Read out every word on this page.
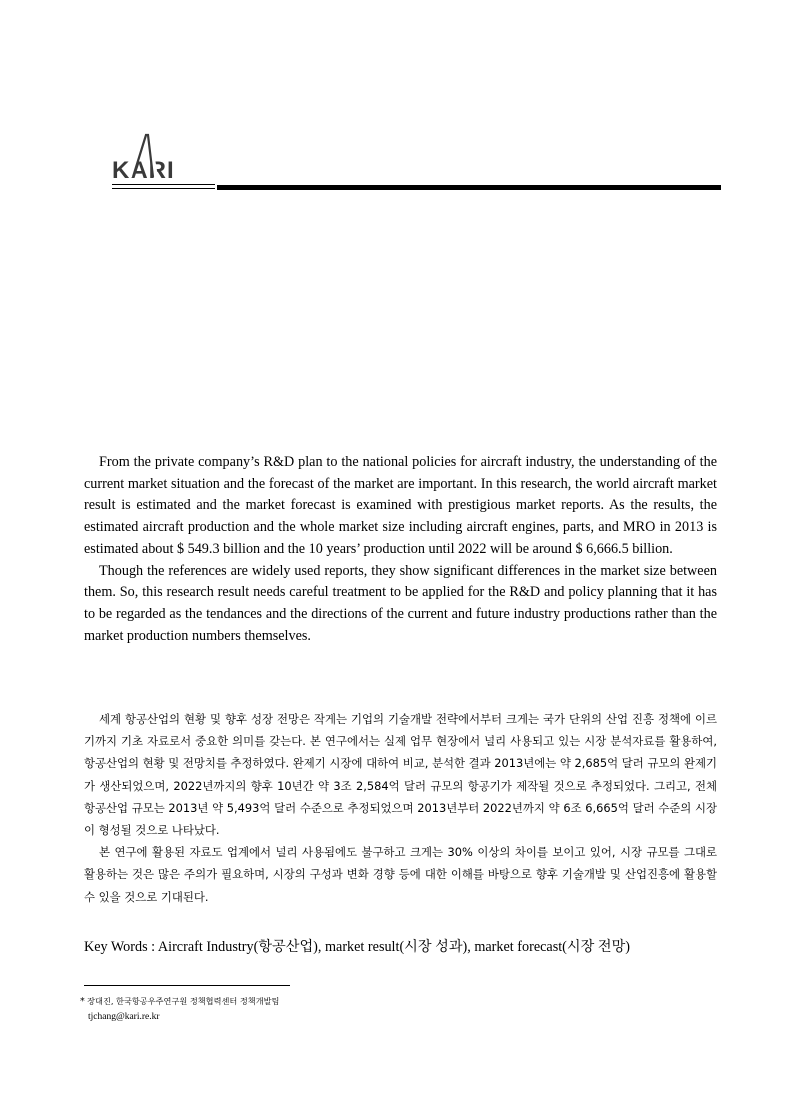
KARI

From the private company’s R&D plan to the national policies for aircraft industry, the understanding of the current market situation and the forecast of the market are important. In this research, the world aircraft market result is estimated and the market forecast is examined with prestigious market reports. As the results, the estimated aircraft production and the whole market size including aircraft engines, parts, and MRO in 2013 is estimated about $ 549.3 billion and the 10 years’ production until 2022 will be around $ 6,666.5 billion.

Though the references are widely used reports, they show significant differences in the market size between them. So, this research result needs careful treatment to be applied for the R&D and policy planning that it has to be regarded as the tendances and the directions of the current and future industry productions rather than the market production numbers themselves.

세계 항공산업의 현황 및 향후 성장 전망은 작게는 기업의 기술개발 전략에서부터 크게는 국가 단위의 산업 진흥 정책에 이르기까지 기초 자료로서 중요한 의미를 갖는다. 본 연구에서는 실제 업무 현장에서 널리 사용되고 있는 시장 분석자료를 활용하여, 항공산업의 현황 및 전망치를 추정하였다. 완제기 시장에 대하여 비교, 분석한 결과 2013년에는 약 2,685억 달러 규모의 완제기가 생산되었으며, 2022년까지의 향후 10년간 약 3조 2,584억 달러 규모의 항공기가 제작될 것으로 추정되었다. 그리고, 전체 항공산업 규모는 2013년 약 5,493억 달러 수준으로 추정되었으며 2013년부터 2022년까지 약 6조 6,665억 달러 수준의 시장이 형성될 것으로 나타났다.

본 연구에 활용된 자료도 업계에서 널리 사용됨에도 불구하고 크게는 30% 이상의 차이를 보이고 있어, 시장 규모를 그대로 활용하는 것은 많은 주의가 필요하며, 시장의 구성과 변화 경향 등에 대한 이해를 바탕으로 향후 기술개발 및 산업진흥에 활용할 수 있을 것으로 기대된다.

Key Words : Aircraft Industry(항공산업), market result(시장 성과), market forecast(시장 전망)
* 장대진, 한국항공우주연구원 정책협력센터 정책개발팀
tjchang@kari.re.kr
